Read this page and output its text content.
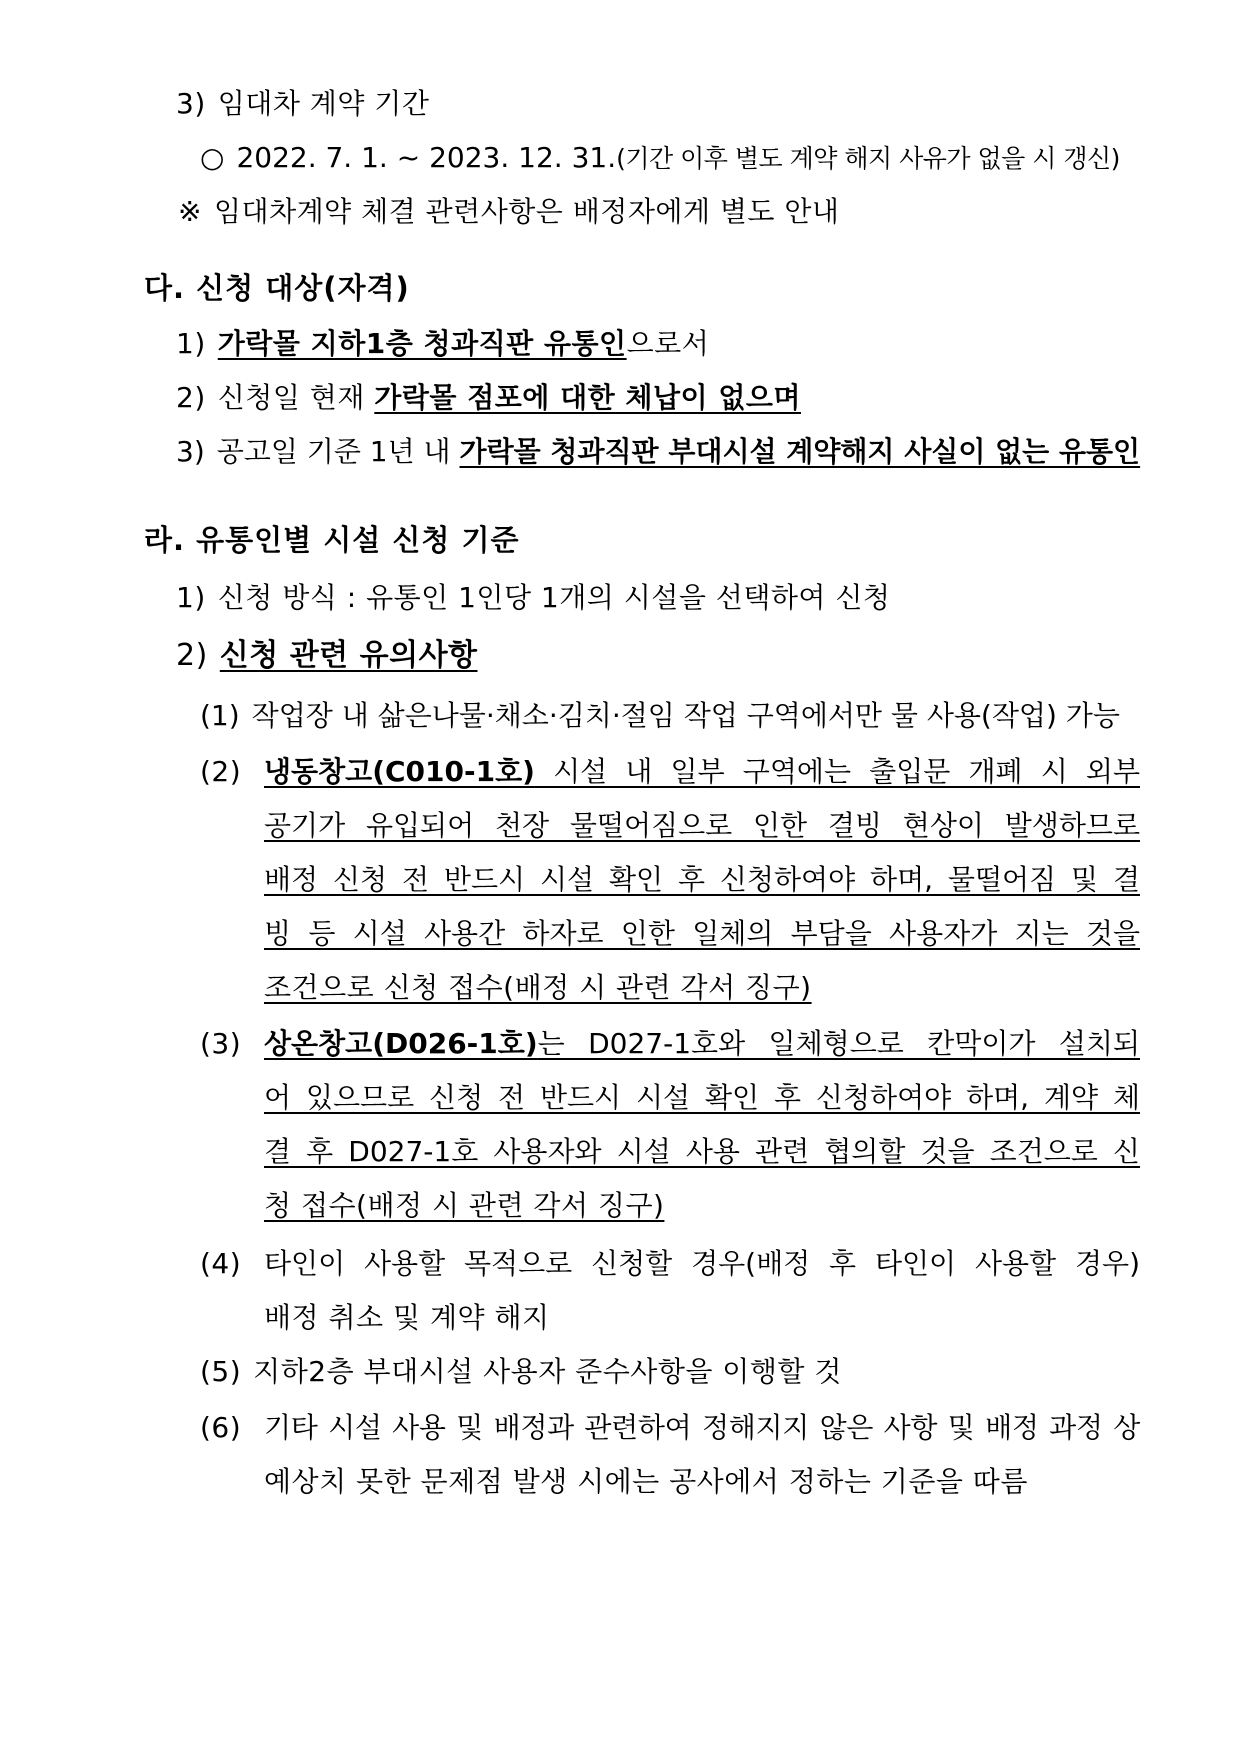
3) 임대차 계약 기간
○ 2022. 7. 1. ~ 2023. 12. 31.(기간 이후 별도 계약 해지 사유가 없을 시 갱신)
※ 임대차계약 체결 관련사항은 배정자에게 별도 안내
다. 신청 대상(자격)
1) 가락몰 지하1층 청과직판 유통인으로서
2) 신청일 현재 가락몰 점포에 대한 체납이 없으며
3) 공고일 기준 1년 내 가락몰 청과직판 부대시설 계약해지 사실이 없는 유통인
라. 유통인별 시설 신청 기준
1) 신청 방식 : 유통인 1인당 1개의 시설을 선택하여 신청
2) 신청 관련 유의사항
(1) 작업장 내 삶은나물·채소·김치·절임 작업 구역에서만 물 사용(작업) 가능
(2) 냉동창고(C010-1호) 시설 내 일부 구역에는 출입문 개폐 시 외부
공기가 유입되어 천장 물떨어짐으로 인한 결빙 현상이 발생하므로
배정 신청 전 반드시 시설 확인 후 신청하여야 하며, 물떨어짐 및 결
빙 등 시설 사용간 하자로 인한 일체의 부담을 사용자가 지는 것을
조건으로 신청 접수(배정 시 관련 각서 징구)
(3) 상온창고(D026-1호)는 D027-1호와 일체형으로 칸막이가 설치되
어 있으므로 신청 전 반드시 시설 확인 후 신청하여야 하며, 계약 체
결 후 D027-1호 사용자와 시설 사용 관련 협의할 것을 조건으로 신
청 접수(배정 시 관련 각서 징구)
(4) 타인이 사용할 목적으로 신청할 경우(배정 후 타인이 사용할 경우)
배정 취소 및 계약 해지
(5) 지하2층 부대시설 사용자 준수사항을 이행할 것
(6) 기타 시설 사용 및 배정과 관련하여 정해지지 않은 사항 및 배정 과정 상
예상치 못한 문제점 발생 시에는 공사에서 정하는 기준을 따름
